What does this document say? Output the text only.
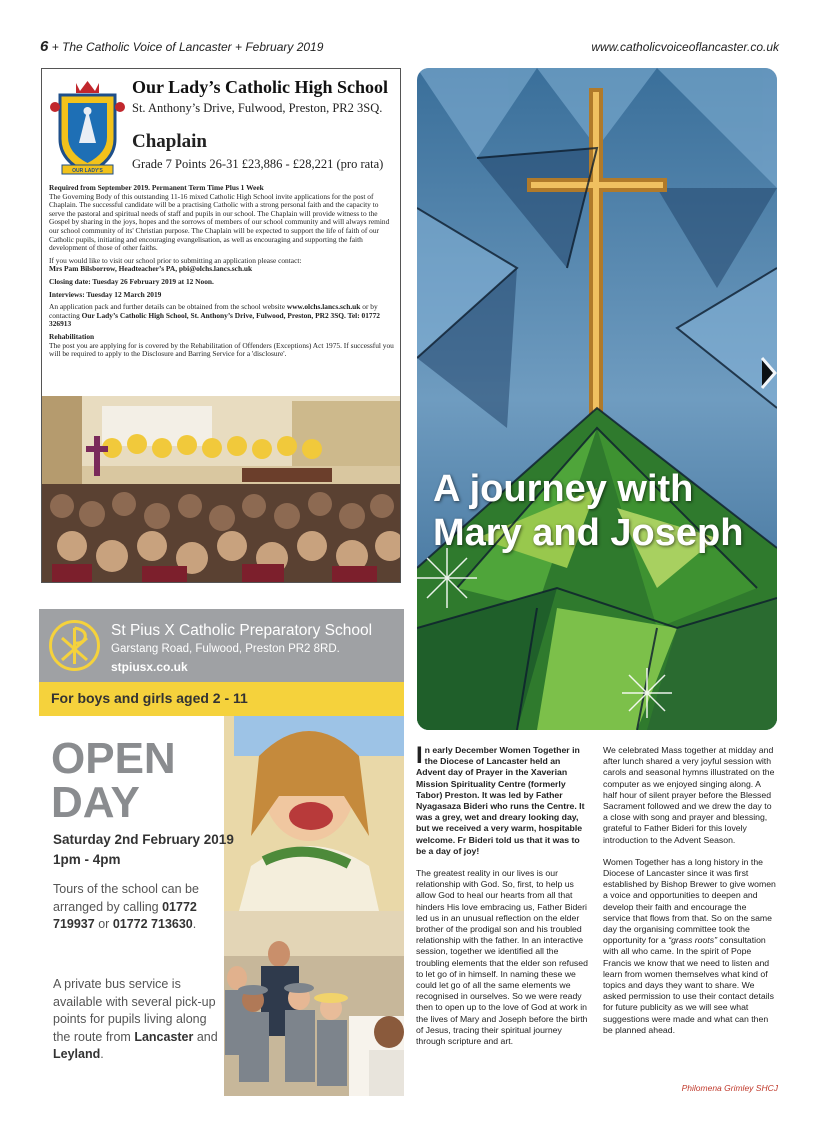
6 + The Catholic Voice of Lancaster + February 2019	www.catholicvoiceoflancaster.co.uk
OUR LADY'S
Our Lady’s Catholic High School
St. Anthony’s Drive, Fulwood, Preston, PR2 3SQ.
Chaplain
Grade 7 Points 26-31 £23,886 - £28,221 (pro rata)

Required from September 2019. Permanent Term Time Plus 1 Week
The Governing Body of this outstanding 11-16 mixed Catholic High School invite applications for the post of Chaplain. The successful candidate will be a practising Catholic with a strong personal faith and the capacity to serve the pastoral and spiritual needs of staff and pupils in our school. The Chaplain will provide witness to the Gospel by sharing in the joys, hopes and the sorrows of members of our school community and will always remind our school community of its' Christian purpose. The Chaplain will be expected to support the life of faith of our Catholic pupils, initiating and encouraging evangelisation, as well as encouraging and supporting the faith development of those of other faiths.

If you would like to visit our school prior to submitting an application please contact:
Mrs Pam Bilsborrow, Headteacher’s PA, pbi@olchs.lancs.sch.uk

Closing date: Tuesday 26 February 2019 at 12 Noon.

Interviews: Tuesday 12 March 2019

An application pack and further details can be obtained from the school website www.olchs.lancs.sch.uk or by contacting Our Lady’s Catholic High School, St. Anthony’s Drive, Fulwood, Preston, PR2 3SQ. Tel: 01772 326913

Rehabilitation
The post you are applying for is covered by the Rehabilitation of Offenders (Exceptions) Act 1975. If successful you will be required to apply to the Disclosure and Barring Service for a 'disclosure'.

St Pius X Catholic Preparatory School
Garstang Road, Fulwood, Preston PR2 8RD.
stpiusx.co.uk
For boys and girls aged 2 - 11
OPEN
DAY
Saturday 2nd February 2019
1pm - 4pm
Tours of the school can be arranged by calling 01772 719937 or 01772 713630.
A private bus service is available with several pick-up points for pupils living along the route from Lancaster and Leyland.
A journey with Mary and Joseph

In early December Women Together in the Diocese of Lancaster held an Advent day of Prayer in the Xaverian Mission Spirituality Centre (formerly Tabor) Preston. It was led by Father Nyagasaza Bideri who runs the Centre. It was a grey, wet and dreary looking day, but we received a very warm, hospitable welcome. Fr Bideri told us that it was to be a day of joy!

The greatest reality in our lives is our relationship with God. So, first, to help us allow God to heal our hearts from all that hinders His love embracing us, Father Bideri led us in an unusual reflection on the elder brother of the prodigal son and his troubled relationship with the father. In an interactive session, together we identified all the troubling elements that the elder son refused to let go of in himself. In naming these we could let go of all the same elements we recognised in ourselves. So we were ready then to open up to the love of God at work in the lives of Mary and Joseph before the birth of Jesus, tracing their spiritual journey through scripture and art.

We celebrated Mass together at midday and after lunch shared a very joyful session with carols and seasonal hymns illustrated on the computer as we enjoyed singing along. A half hour of silent prayer before the Blessed Sacrament followed and we drew the day to a close with song and prayer and blessing, grateful to Father Bideri for this lovely introduction to the Advent Season.

Women Together has a long history in the Diocese of Lancaster since it was first established by Bishop Brewer to give women a voice and opportunities to deepen and develop their faith and encourage the service that flows from that. So on the same day the organising committee took the opportunity for a “grass roots” consultation with all who came. In the spirit of Pope Francis we know that we need to listen and learn from women themselves what kind of topics and days they want to share. We asked permission to use their contact details for future publicity as we will see what suggestions were made and what can then be planned ahead.

Philomena Grimley SHCJ
